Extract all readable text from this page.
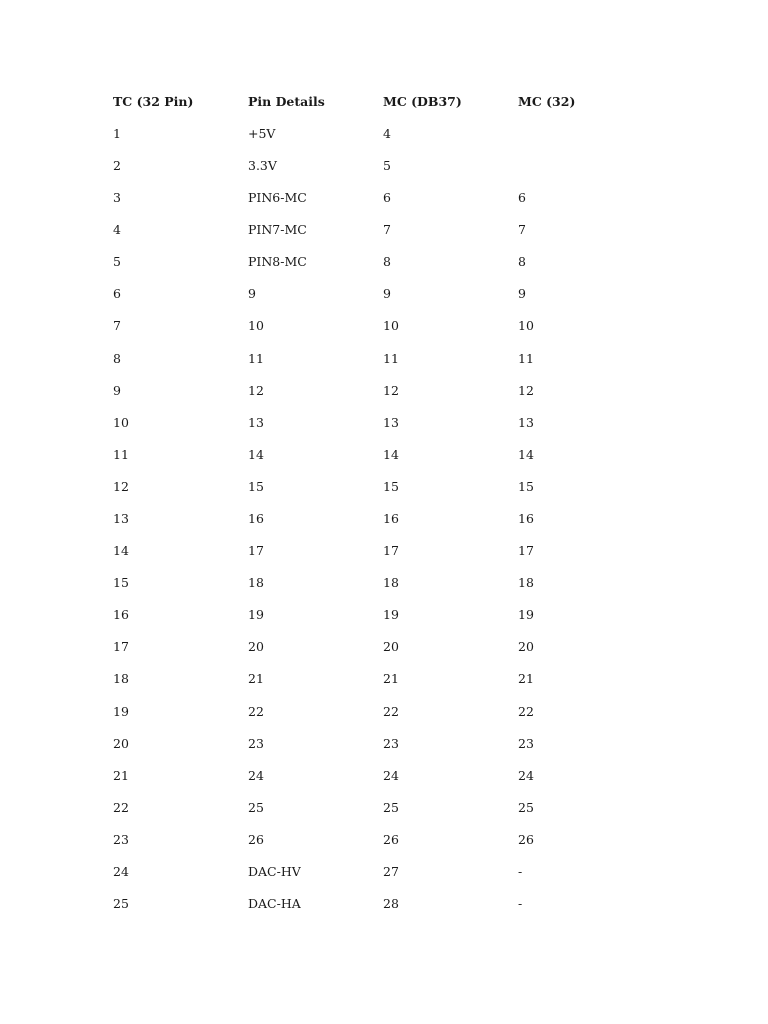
TC (32 Pin)	Pin Details	MC (DB37)	MC (32)
1	+5V	4	
2	3.3V	5	
3	PIN6-MC	6	6
4	PIN7-MC	7	7
5	PIN8-MC	8	8
6	9	9	9
7	10	10	10
8	11	11	11
9	12	12	12
10	13	13	13
11	14	14	14
12	15	15	15
13	16	16	16
14	17	17	17
15	18	18	18
16	19	19	19
17	20	20	20
18	21	21	21
19	22	22	22
20	23	23	23
21	24	24	24
22	25	25	25
23	26	26	26
24	DAC-HV	27	-
25	DAC-HA	28	-
